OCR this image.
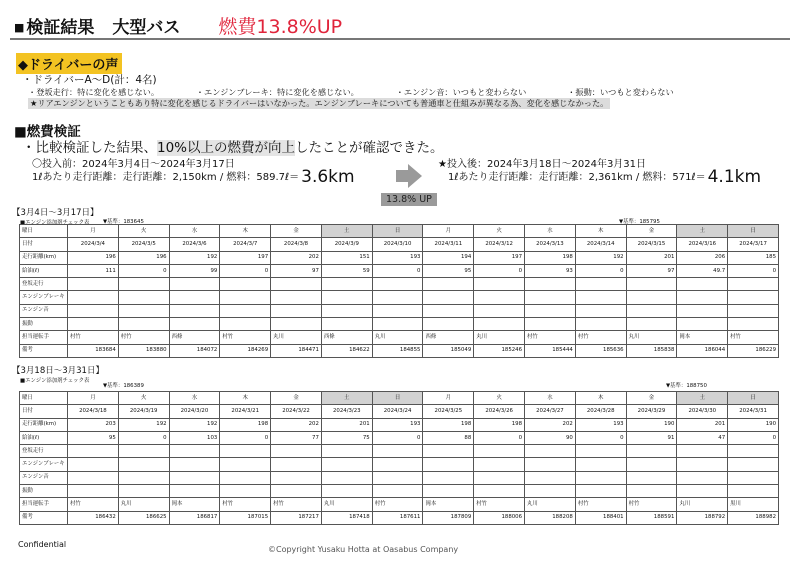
■ 検証結果 大型バス 燃費13.8%UP
◆ドライバーの声
・ドライバーA～D(計：4名)
・登坂走行：特に変化を感じない。　　　　　・エンジンブレーキ：特に変化を感じない。　　　　　・エンジン音：いつもと変わらない　　　　　・振動：いつもと変わらない
★リアエンジンということもあり特に変化を感じるドライバーはいなかった。エンジンブレーキについても普通車と仕組みが異なる為、変化を感じなかった。
■燃費検証
・比較検証した結果、10%以上の燃費が向上したことが確認できた。
〇投入前：2024年3月4日～2024年3月17日	★投入後：2024年3月18日～2024年3月31日
1ℓあたり走行距離：走行距離：2,150km / 燃料：589.7ℓ＝ 3.6km	1ℓあたり走行距離：走行距離：2,361km / 燃料：571ℓ＝ 4.1km
13.8% UP
【3月4日～3月17日】
■エンジン添加剤チェック表	▼基準：183645	▼基準：185795
曜日	月	火	水	木	金	土	日	月	火	水	木	金	土	日
日付	2024/3/4	2024/3/5	2024/3/6	2024/3/7	2024/3/8	2024/3/9	2024/3/10	2024/3/11	2024/3/12	2024/3/13	2024/3/14	2024/3/15	2024/3/16	2024/3/17
走行距離(km)	196	196	192	197	202	151	193	194	197	198	192	201	206	185
給油(ℓ)	111	0	99	0	97	59	0	95	0	93	0	97	49.7	0
登坂走行														
エンジンブレーキ														
エンジン音														
振動														
担当運転手	村竹	村竹	西條	村竹	丸川	西條	丸川	西條	丸川	村竹	村竹	丸川	岡本	村竹
備考	183684	183880	184072	184269	184471	184622	184855	185049	185246	185444	185636	185838	186044	186229
【3月18日～3月31日】
■エンジン添加剤チェック表
▼基準：186389	▼基準：188750
曜日	月	火	水	木	金	土	日	月	火	水	木	金	土	日
日付	2024/3/18	2024/3/19	2024/3/20	2024/3/21	2024/3/22	2024/3/23	2024/3/24	2024/3/25	2024/3/26	2024/3/27	2024/3/28	2024/3/29	2024/3/30	2024/3/31
走行距離(km)	203	192	192	198	202	201	193	198	198	202	193	190	201	190
給油(ℓ)	95	0	103	0	77	75	0	88	0	90	0	91	47	0
登坂走行														
エンジンブレーキ														
エンジン音														
振動														
担当運転手	村竹	丸川	岡本	村竹	村竹	丸川	村竹	岡本	村竹	丸川	村竹	村竹	丸川	黒川
備考	186432	186625	186817	187015	187217	187418	187611	187809	188006	188208	188401	188591	188792	188982
Confidential
©Copyright Yusaku Hotta at Oasabus Company
